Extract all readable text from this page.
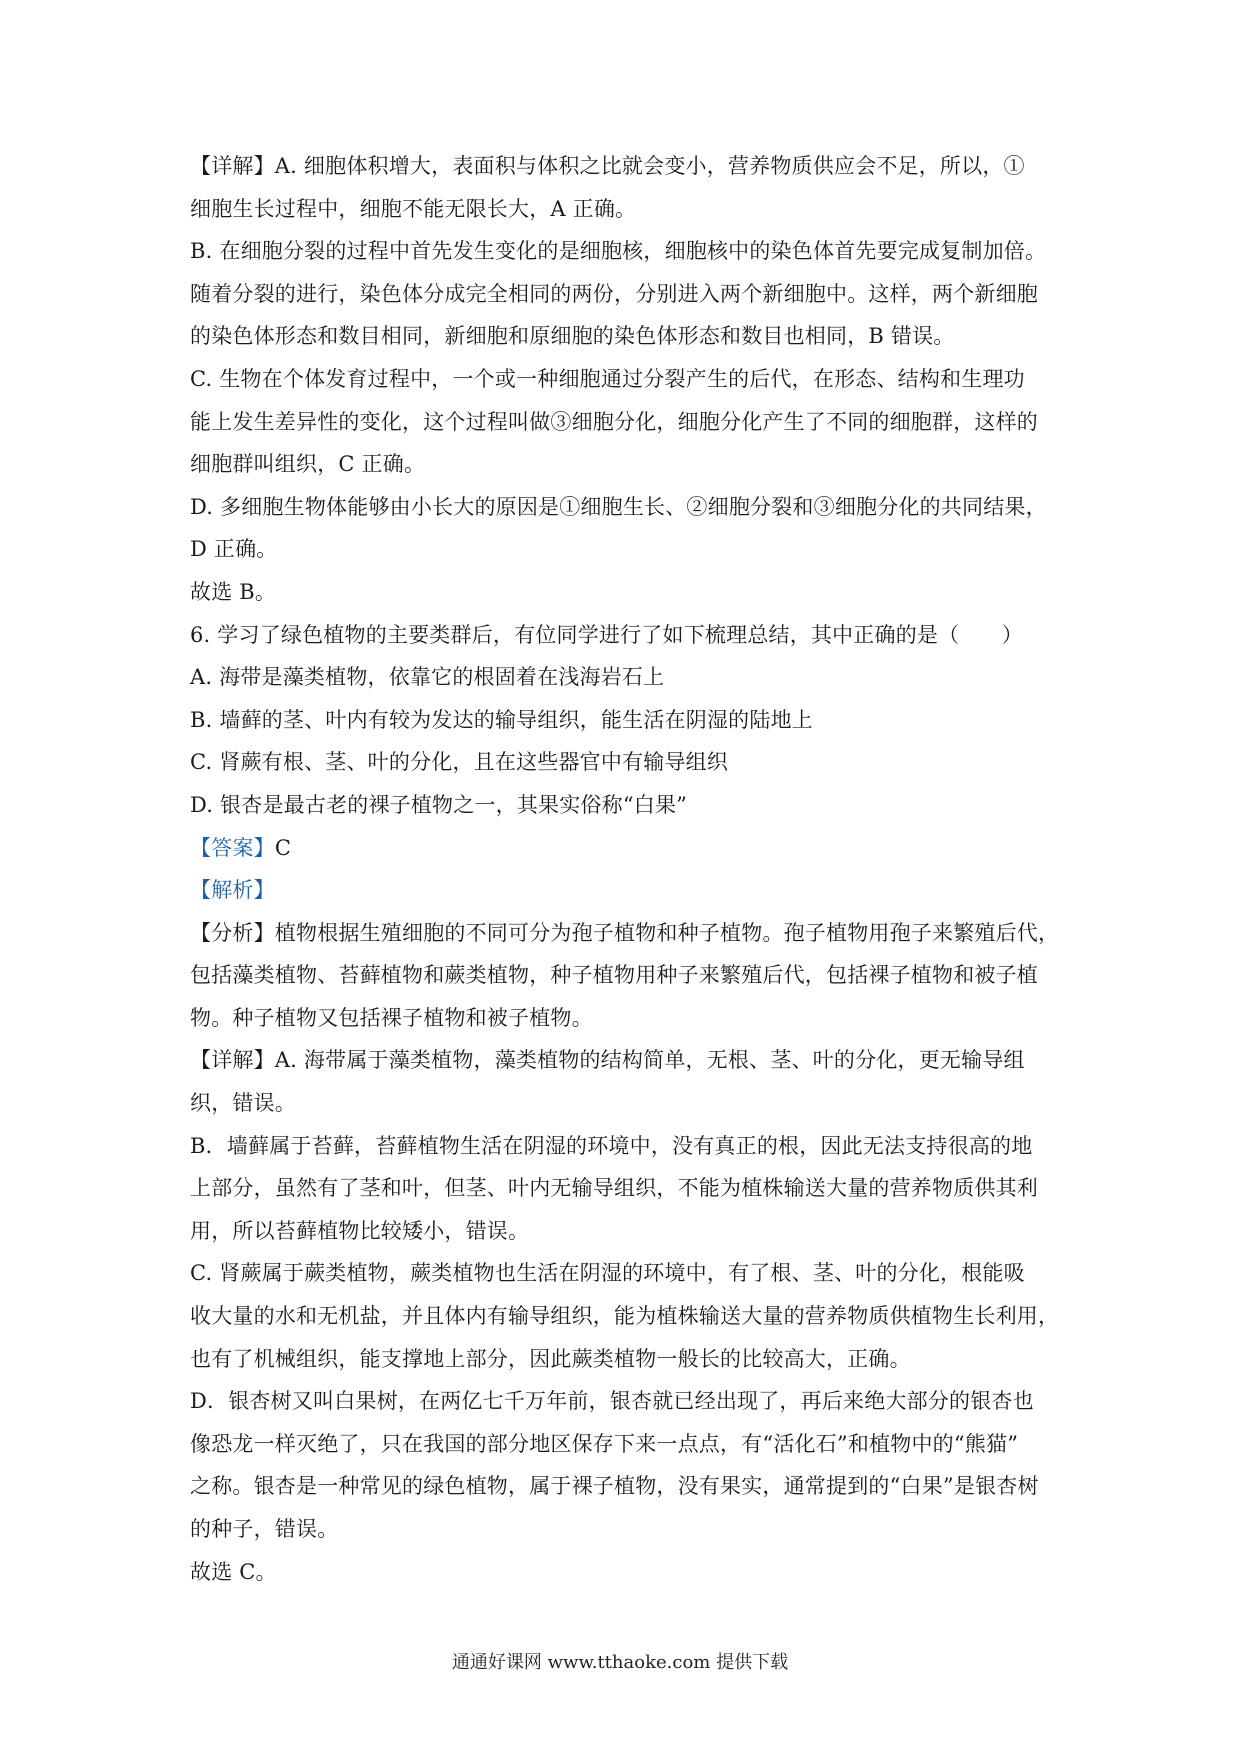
【详解】A. 细胞体积增大，表面积与体积之比就会变小，营养物质供应会不足，所以，①
细胞生长过程中，细胞不能无限长大，A 正确。
B. 在细胞分裂的过程中首先发生变化的是细胞核，细胞核中的染色体首先要完成复制加倍。
随着分裂的进行，染色体分成完全相同的两份，分别进入两个新细胞中。这样，两个新细胞
的染色体形态和数目相同，新细胞和原细胞的染色体形态和数目也相同，B 错误。
C. 生物在个体发育过程中，一个或一种细胞通过分裂产生的后代，在形态、结构和生理功
能上发生差异性的变化，这个过程叫做③细胞分化，细胞分化产生了不同的细胞群，这样的
细胞群叫组织，C 正确。
D. 多细胞生物体能够由小长大的原因是①细胞生长、②细胞分裂和③细胞分化的共同结果，
D 正确。
故选 B。
6. 学习了绿色植物的主要类群后，有位同学进行了如下梳理总结，其中正确的是（　　）
A. 海带是藻类植物，依靠它的根固着在浅海岩石上
B. 墙藓的茎、叶内有较为发达的输导组织，能生活在阴湿的陆地上
C. 肾蕨有根、茎、叶的分化，且在这些器官中有输导组织
D. 银杏是最古老的裸子植物之一，其果实俗称“白果”
【答案】C
【解析】
【分析】植物根据生殖细胞的不同可分为孢子植物和种子植物。孢子植物用孢子来繁殖后代，
包括藻类植物、苔藓植物和蕨类植物，种子植物用种子来繁殖后代，包括裸子植物和被子植
物。种子植物又包括裸子植物和被子植物。
【详解】A. 海带属于藻类植物，藻类植物的结构简单，无根、茎、叶的分化，更无输导组
织，错误。
B．墙藓属于苔藓，苔藓植物生活在阴湿的环境中，没有真正的根，因此无法支持很高的地
上部分，虽然有了茎和叶，但茎、叶内无输导组织，不能为植株输送大量的营养物质供其利
用，所以苔藓植物比较矮小，错误。
C. 肾蕨属于蕨类植物，蕨类植物也生活在阴湿的环境中，有了根、茎、叶的分化，根能吸
收大量的水和无机盐，并且体内有输导组织，能为植株输送大量的营养物质供植物生长利用，
也有了机械组织，能支撑地上部分，因此蕨类植物一般长的比较高大，正确。
D．银杏树又叫白果树，在两亿七千万年前，银杏就已经出现了，再后来绝大部分的银杏也
像恐龙一样灭绝了，只在我国的部分地区保存下来一点点，有“活化石”和植物中的“熊猫”
之称。银杏是一种常见的绿色植物，属于裸子植物，没有果实，通常提到的“白果”是银杏树
的种子，错误。
故选 C。
通通好课网 www.tthaoke.com 提供下载
